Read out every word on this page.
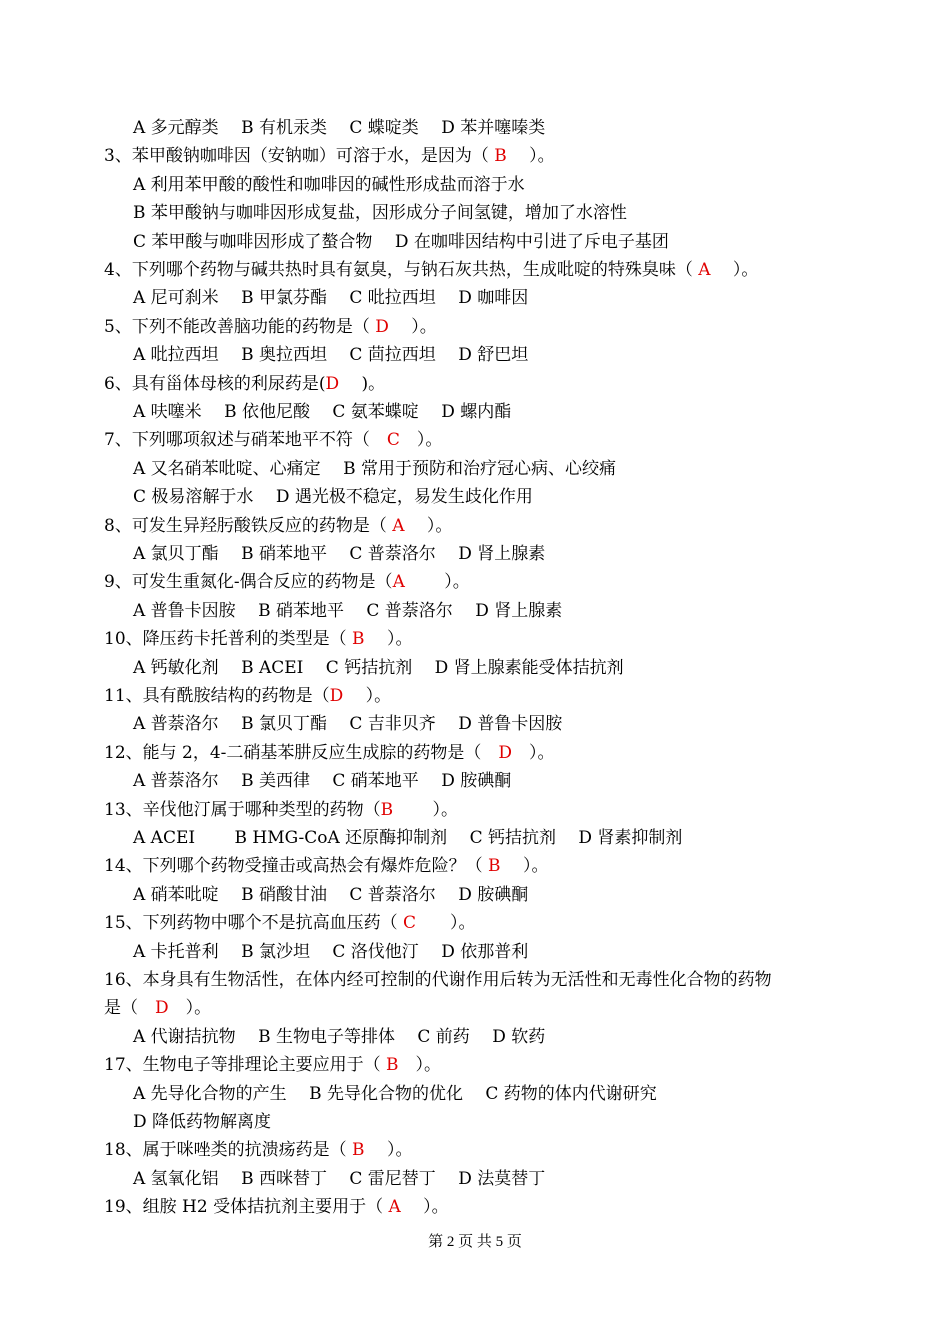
A 多元醇类　 B 有机汞类　 C 蝶啶类　 D 苯并噻嗪类
3、苯甲酸钠咖啡因（安钠咖）可溶于水，是因为（ B　 ）。
A 利用苯甲酸的酸性和咖啡因的碱性形成盐而溶于水
B 苯甲酸钠与咖啡因形成复盐，因形成分子间氢键，增加了水溶性
C 苯甲酸与咖啡因形成了螯合物　 D 在咖啡因结构中引进了斥电子基团
4、下列哪个药物与碱共热时具有氨臭，与钠石灰共热，生成吡啶的特殊臭味（ A　 ）。
A 尼可刹米　 B 甲氯芬酯　 C 吡拉西坦　 D 咖啡因
5、下列不能改善脑功能的药物是（ D　 ）。
A 吡拉西坦　 B 奥拉西坦　 C 茴拉西坦　 D 舒巴坦
6、具有甾体母核的利尿药是(D　 )。
A 呋噻米　 B 依他尼酸　 C 氨苯蝶啶　 D 螺内酯
7、下列哪项叙述与硝苯地平不符（　C　）。
A 又名硝苯吡啶、心痛定　 B 常用于预防和治疗冠心病、心绞痛
C 极易溶解于水　 D 遇光极不稳定，易发生歧化作用
8、可发生异羟肟酸铁反应的药物是（ A　 ）。
A 氯贝丁酯　 B 硝苯地平　 C 普萘洛尔　 D 肾上腺素
9、可发生重氮化-偶合反应的药物是（A　　 ）。
A 普鲁卡因胺　 B 硝苯地平　 C 普萘洛尔　 D 肾上腺素
10、降压药卡托普利的类型是（ B　 ）。
A 钙敏化剂　 B ACEI　 C 钙拮抗剂　 D 肾上腺素能受体拮抗剂
11、具有酰胺结构的药物是（D　 ）。
A 普萘洛尔　 B 氯贝丁酯　 C 吉非贝齐　 D 普鲁卡因胺
12、能与 2，4-二硝基苯肼反应生成腙的药物是（　D　）。
A 普萘洛尔　 B 美西律　 C 硝苯地平　 D 胺碘酮
13、辛伐他汀属于哪种类型的药物（B　　 ）。
A ACEI　　 B HMG-CoA 还原酶抑制剂　 C 钙拮抗剂　 D 肾素抑制剂
14、下列哪个药物受撞击或高热会有爆炸危险？（ B　 ）。
A 硝苯吡啶　 B 硝酸甘油　 C 普萘洛尔　 D 胺碘酮
15、下列药物中哪个不是抗高血压药（ C　　）。
A 卡托普利　 B 氯沙坦　 C 洛伐他汀　 D 依那普利
16、本身具有生物活性，在体内经可控制的代谢作用后转为无活性和无毒性化合物的药物
是（　D　）。
A 代谢拮抗物　 B 生物电子等排体　 C 前药　 D 软药
17、生物电子等排理论主要应用于（ B　）。
A 先导化合物的产生　 B 先导化合物的优化　 C 药物的体内代谢研究
D 降低药物解离度
18、属于咪唑类的抗溃疡药是（ B　 ）。
A 氢氧化铝　 B 西咪替丁　 C 雷尼替丁　 D 法莫替丁
19、组胺 H2 受体拮抗剂主要用于（ A　 ）。
第 2 页 共 5 页
